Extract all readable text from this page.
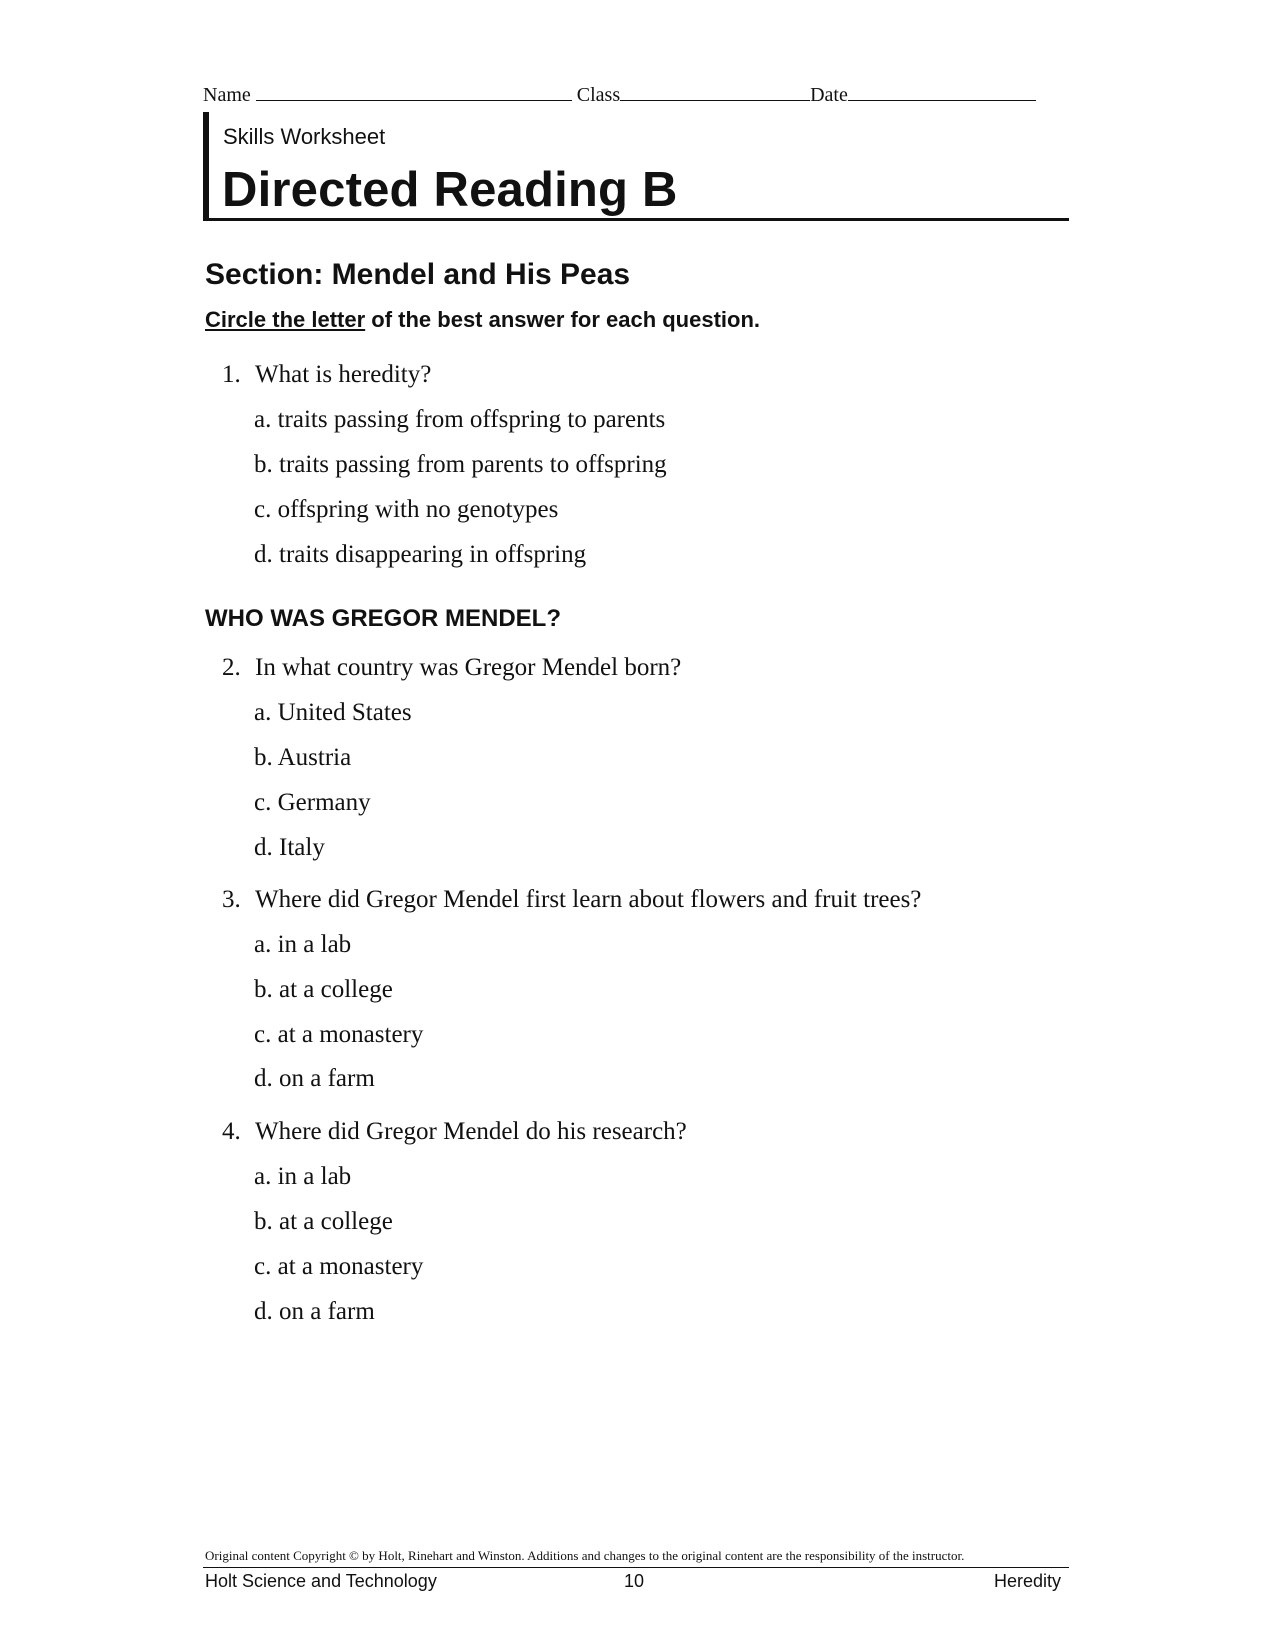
Name	Class	Date
Skills Worksheet
Directed Reading B
Section: Mendel and His Peas
Circle the letter of the best answer for each question.
1. What is heredity?
a. traits passing from offspring to parents
b. traits passing from parents to offspring
c. offspring with no genotypes
d. traits disappearing in offspring
WHO WAS GREGOR MENDEL?
2. In what country was Gregor Mendel born?
a. United States
b. Austria
c. Germany
d. Italy
3. Where did Gregor Mendel first learn about flowers and fruit trees?
a. in a lab
b. at a college
c. at a monastery
d. on a farm
4. Where did Gregor Mendel do his research?
a. in a lab
b. at a college
c. at a monastery
d. on a farm
Original content Copyright © by Holt, Rinehart and Winston. Additions and changes to the original content are the responsibility of the instructor.
Holt Science and Technology	10	Heredity
